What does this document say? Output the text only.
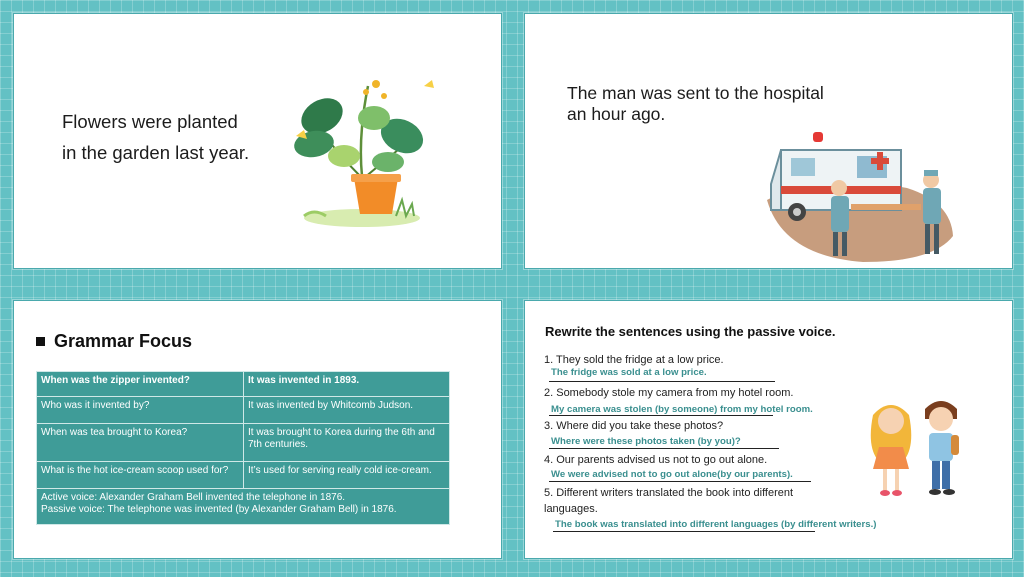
Flowers were planted
in the garden last year.
The man was sent to the hospital
an hour ago.
Grammar Focus
When was the zipper invented?	It was invented in 1893.
Who was it invented by?	It was invented by Whitcomb Judson.
When was tea brought to Korea?	It was brought to Korea during the 6th and 7th centuries.
What is the hot ice-cream scoop used for?	It’s used for serving really cold ice-cream.

Active voice: Alexander Graham Bell invented the telephone in 1876.
Passive voice: The telephone was invented (by Alexander Graham Bell) in 1876.	
Rewrite the sentences using the passive voice.
1. They sold the fridge at a low price.
The fridge was sold at a low price.
2. Somebody stole my camera from my hotel room.
My camera was stolen (by someone) from my hotel room.
3. Where did you take these photos?
Where were these photos taken (by you)?
4. Our parents advised us not to go out alone.
We were advised not to go out alone(by our parents).
5. Different writers translated the book into different languages.
The book was translated into different languages (by different writers.)
